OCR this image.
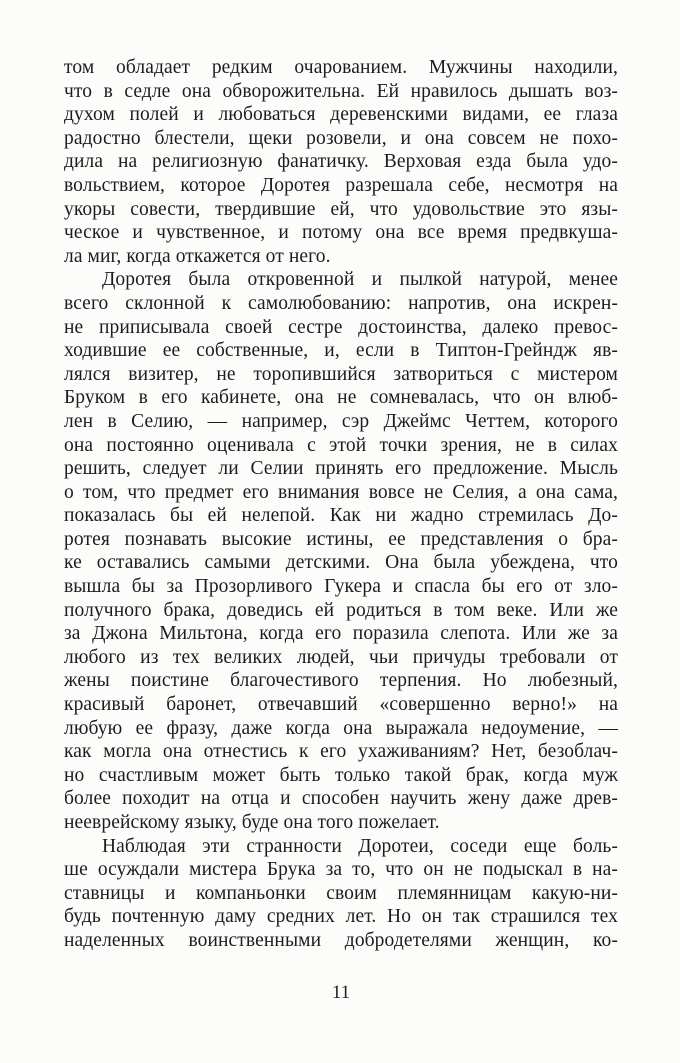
том обладает редким очарованием. Мужчины находили,
что в седле она обворожительна. Ей нравилось дышать воз-
духом полей и любоваться деревенскими видами, ее глаза
радостно блестели, щеки розовели, и она совсем не похо-
дила на религиозную фанатичку. Верховая езда была удо-
вольствием, которое Доротея разрешала себе, несмотря на
укоры совести, твердившие ей, что удовольствие это язы-
ческое и чувственное, и потому она все время предвкуша-
ла миг, когда откажется от него.
Доротея была откровенной и пылкой натурой, менее
всего склонной к самолюбованию: напротив, она искрен-
не приписывала своей сестре достоинства, далеко превос-
ходившие ее собственные, и, если в Типтон-Грейндж яв-
лялся визитер, не торопившийся затвориться с мистером
Бруком в его кабинете, она не сомневалась, что он влюб-
лен в Селию, — например, сэр Джеймс Четтем, которого
она постоянно оценивала с этой точки зрения, не в силах
решить, следует ли Селии принять его предложение. Мысль
о том, что предмет его внимания вовсе не Селия, а она сама,
показалась бы ей нелепой. Как ни жадно стремилась До-
ротея познавать высокие истины, ее представления о бра-
ке оставались самыми детскими. Она была убеждена, что
вышла бы за Прозорливого Гукера и спасла бы его от зло-
получного брака, доведись ей родиться в том веке. Или же
за Джона Мильтона, когда его поразила слепота. Или же за
любого из тех великих людей, чьи причуды требовали от
жены поистине благочестивого терпения. Но любезный,
красивый баронет, отвечавший «совершенно верно!» на
любую ее фразу, даже когда она выражала недоумение, —
как могла она отнестись к его ухаживаниям? Нет, безоблач-
но счастливым может быть только такой брак, когда муж
более походит на отца и способен научить жену даже древ-
нееврейскому языку, буде она того пожелает.
Наблюдая эти странности Доротеи, соседи еще боль-
ше осуждали мистера Брука за то, что он не подыскал в на-
ставницы и компаньонки своим племянницам какую-ни-
будь почтенную даму средних лет. Но он так страшился тех
наделенных воинственными добродетелями женщин, ко-
11
